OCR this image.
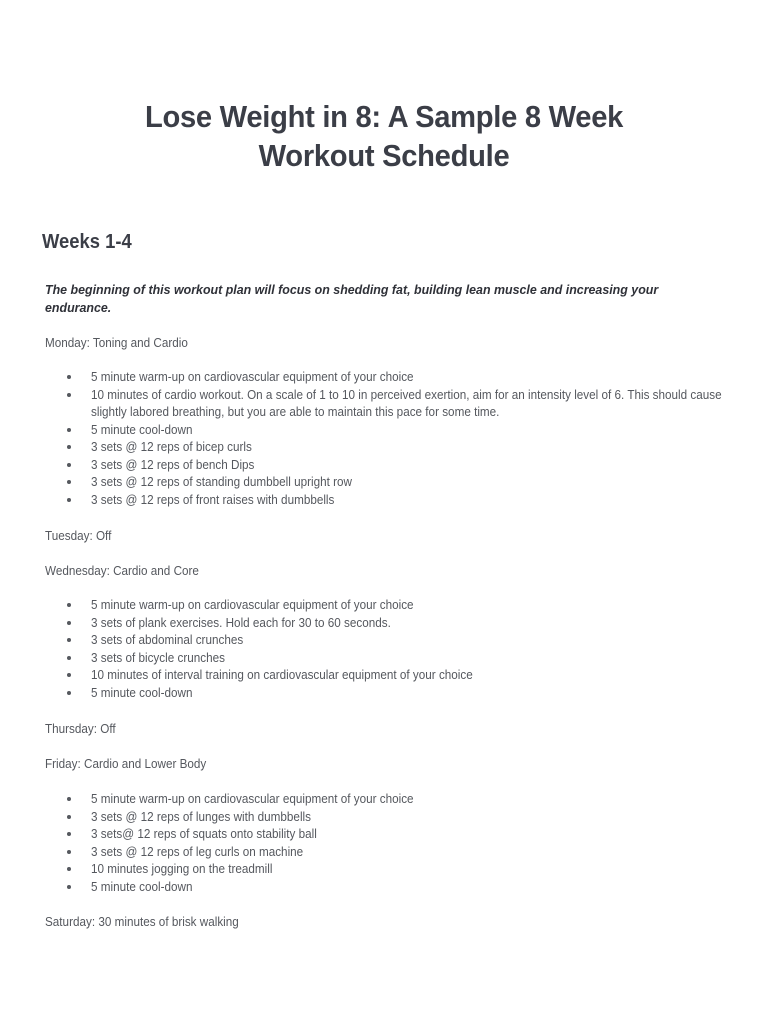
Lose Weight in 8: A Sample 8 Week
Workout Schedule
Weeks 1-4

The beginning of this workout plan will focus on shedding fat, building lean muscle and increasing your endurance.

Monday: Toning and Cardio

5 minute warm-up on cardiovascular equipment of your choice
10 minutes of cardio workout. On a scale of 1 to 10 in perceived exertion, aim for an intensity level of 6. This should cause slightly labored breathing, but you are able to maintain this pace for some time.
5 minute cool-down
3 sets @ 12 reps of bicep curls
3 sets @ 12 reps of bench Dips
3 sets @ 12 reps of standing dumbbell upright row
3 sets @ 12 reps of front raises with dumbbells

Tuesday: Off

Wednesday: Cardio and Core

5 minute warm-up on cardiovascular equipment of your choice
3 sets of plank exercises. Hold each for 30 to 60 seconds.
3 sets of abdominal crunches
3 sets of bicycle crunches
10 minutes of interval training on cardiovascular equipment of your choice
5 minute cool-down

Thursday: Off

Friday: Cardio and Lower Body

5 minute warm-up on cardiovascular equipment of your choice
3 sets @ 12 reps of lunges with dumbbells
3 sets@ 12 reps of squats onto stability ball
3 sets @ 12 reps of leg curls on machine
10 minutes jogging on the treadmill
5 minute cool-down

Saturday: 30 minutes of brisk walking
